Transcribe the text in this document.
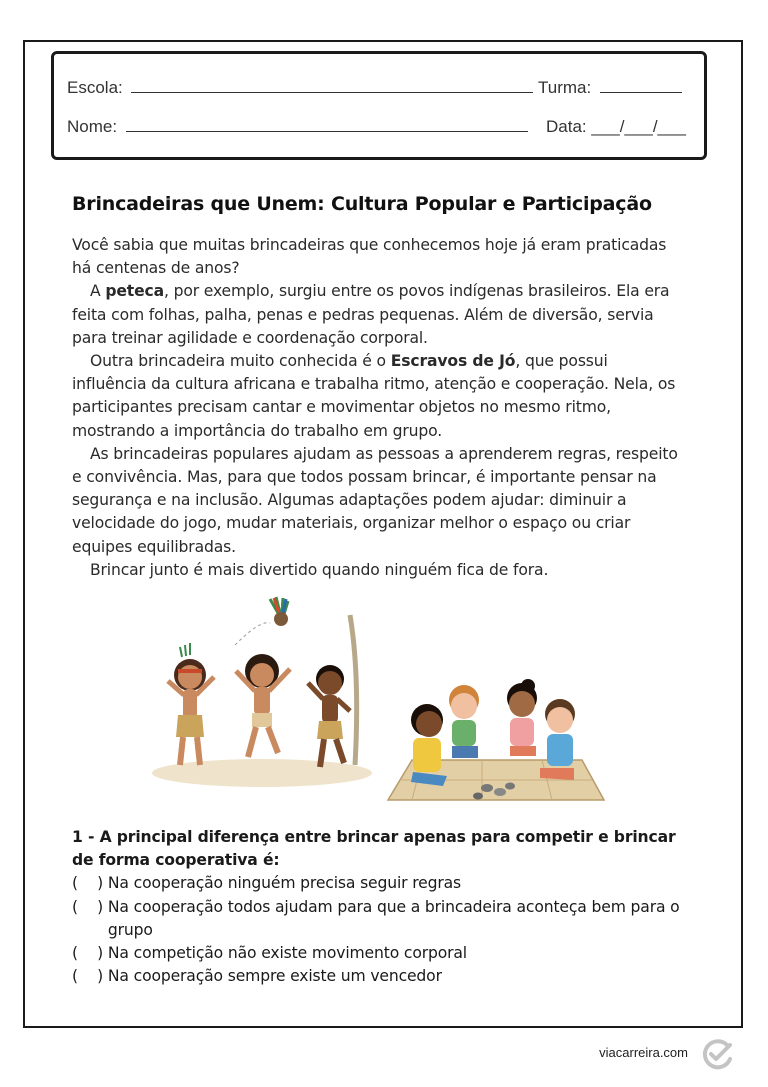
Escola:	Turma:
Nome:	Data: ___/___/___
Brincadeiras que Unem: Cultura Popular e Participação

Você sabia que muitas brincadeiras que conhecemos hoje já eram praticadas há centenas de anos?

A peteca, por exemplo, surgiu entre os povos indígenas brasileiros. Ela era feita com folhas, palha, penas e pedras pequenas. Além de diversão, servia para treinar agilidade e coordenação corporal.

Outra brincadeira muito conhecida é o Escravos de Jó, que possui influência da cultura africana e trabalha ritmo, atenção e cooperação. Nela, os participantes precisam cantar e movimentar objetos no mesmo ritmo, mostrando a importância do trabalho em grupo.

As brincadeiras populares ajudam as pessoas a aprenderem regras, respeito e convivência. Mas, para que todos possam brincar, é importante pensar na segurança e na inclusão. Algumas adaptações podem ajudar: diminuir a velocidade do jogo, mudar materiais, organizar melhor o espaço ou criar equipes equilibradas.

Brincar junto é mais divertido quando ninguém fica de fora.

1 - A principal diferença entre brincar apenas para competir e brincar de forma cooperativa é:
(    )
Na cooperação ninguém precisa seguir regras
(    )
Na cooperação todos ajudam para que a brincadeira aconteça bem para o grupo
(    )
Na competição não existe movimento corporal
(    )
Na cooperação sempre existe um vencedor
viacarreira.com
